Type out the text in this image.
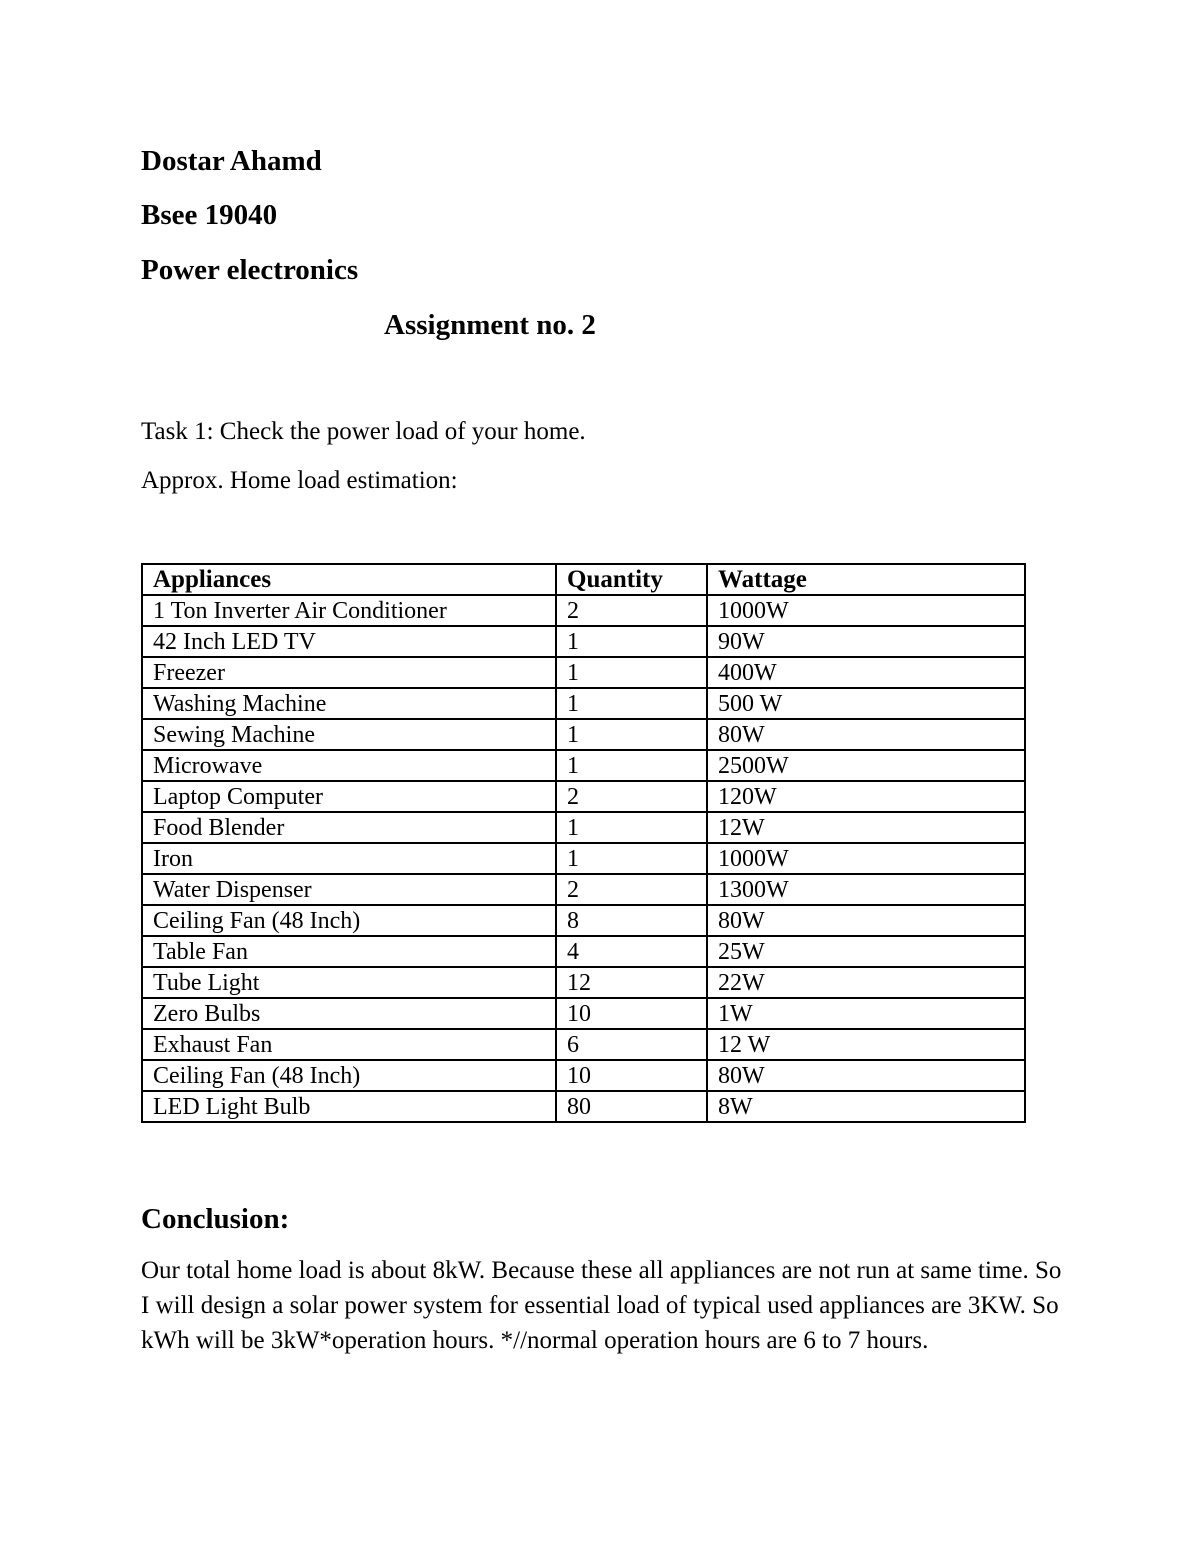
Dostar Ahamd

Bsee 19040

Power electronics

Assignment no. 2

Task 1: Check the power load of your home.

Approx. Home load estimation:

Appliances	Quantity	Wattage
1 Ton Inverter Air Conditioner	2	1000W
42 Inch LED TV	1	90W
Freezer	1	400W
Washing Machine	1	500 W
Sewing Machine	1	80W
Microwave	1	2500W
Laptop Computer	2	120W
Food Blender	1	12W
Iron	1	1000W
Water Dispenser	2	1300W
Ceiling Fan (48 Inch)	8	80W
Table Fan	4	25W
Tube Light	12	22W
Zero Bulbs	10	1W
Exhaust Fan	6	12 W
Ceiling Fan (48 Inch)	10	80W
LED Light Bulb	80	8W

Conclusion:

Our total home load is about 8kW. Because these all appliances are not run at same time. So I will design a solar power system for essential load of typical used appliances are 3KW. So kWh will be 3kW*operation hours. *//normal operation hours are 6 to 7 hours.
